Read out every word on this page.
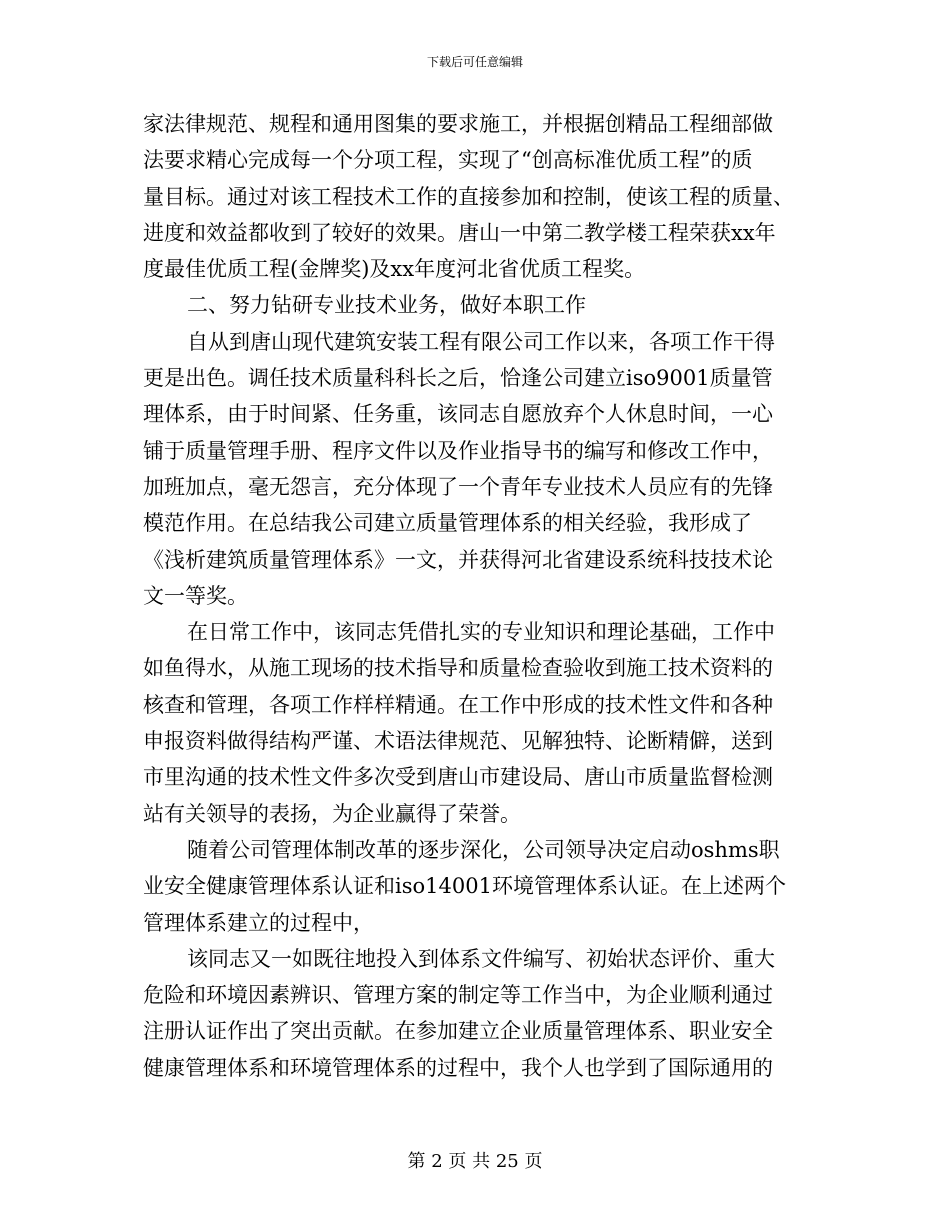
下载后可任意编辑
家法律规范、规程和通用图集的要求施工，并根据创精品工程细部做
法要求精心完成每一个分项工程，实现了“创高标准优质工程”的质
量目标。通过对该工程技术工作的直接参加和控制，使该工程的质量、
进度和效益都收到了较好的效果。唐山一中第二教学楼工程荣获xx年
度最佳优质工程(金牌奖)及xx年度河北省优质工程奖。
二、努力钻研专业技术业务，做好本职工作
自从到唐山现代建筑安装工程有限公司工作以来，各项工作干得
更是出色。调任技术质量科科长之后，恰逢公司建立iso9001质量管
理体系，由于时间紧、任务重，该同志自愿放弃个人休息时间，一心
铺于质量管理手册、程序文件以及作业指导书的编写和修改工作中，
加班加点，毫无怨言，充分体现了一个青年专业技术人员应有的先锋
模范作用。在总结我公司建立质量管理体系的相关经验，我形成了
《浅析建筑质量管理体系》一文，并获得河北省建设系统科技技术论
文一等奖。
在日常工作中，该同志凭借扎实的专业知识和理论基础，工作中
如鱼得水，从施工现场的技术指导和质量检查验收到施工技术资料的
核查和管理，各项工作样样精通。在工作中形成的技术性文件和各种
申报资料做得结构严谨、术语法律规范、见解独特、论断精僻，送到
市里沟通的技术性文件多次受到唐山市建设局、唐山市质量监督检测
站有关领导的表扬，为企业赢得了荣誉。
随着公司管理体制改革的逐步深化，公司领导决定启动oshms职
业安全健康管理体系认证和iso14001环境管理体系认证。在上述两个
管理体系建立的过程中，
该同志又一如既往地投入到体系文件编写、初始状态评价、重大
危险和环境因素辨识、管理方案的制定等工作当中，为企业顺利通过
注册认证作出了突出贡献。在参加建立企业质量管理体系、职业安全
健康管理体系和环境管理体系的过程中，我个人也学到了国际通用的
第 2 页 共 25 页
